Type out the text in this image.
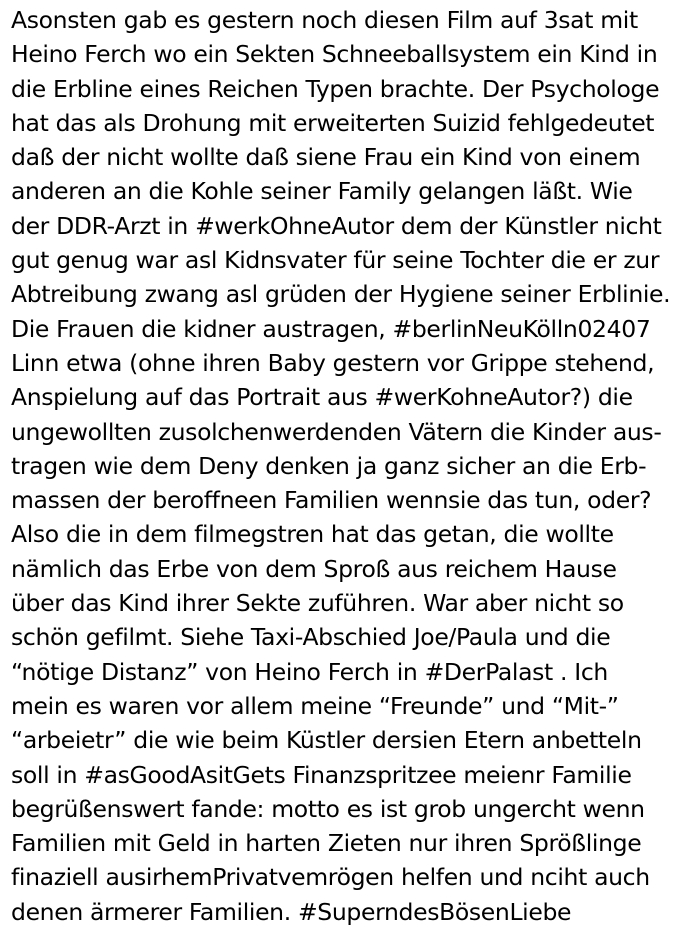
Asonsten gab es gestern noch diesen Film auf 3sat mit
Heino Ferch wo ein Sekten Schneeballsystem ein Kind in
die Erbline eines Reichen Typen brachte. Der Psychologe
hat das als Drohung mit erweiterten Suizid fehlgedeutet
daß der nicht wollte daß siene Frau ein Kind von einem
anderen an die Kohle seiner Family gelangen läßt. Wie
der DDR-Arzt in #werkOhneAutor dem der Künstler nicht
gut genug war asl Kidnsvater für seine Tochter die er zur
Abtreibung zwang asl grüden der Hygiene seiner Erblinie.
Die Frauen die kidner austragen, #berlinNeuKölln02407
Linn etwa (ohne ihren Baby gestern vor Grippe stehend,
Anspielung auf das Portrait aus #werKohneAutor?) die
ungewollten zusolchenwerdenden Vätern die Kinder aus-
tragen wie dem Deny denken ja ganz sicher an die Erb-
massen der beroffneen Familien wennsie das tun, oder?
Also die in dem filmegstren hat das getan, die wollte
nämlich das Erbe von dem Sproß aus reichem Hause
über das Kind ihrer Sekte zuführen. War aber nicht so
schön gefilmt. Siehe Taxi-Abschied Joe/Paula und die
“nötige Distanz” von Heino Ferch in #DerPalast . Ich
mein es waren vor allem meine “Freunde” und “Mit-”
“arbeietr” die wie beim Küstler dersien Etern anbetteln
soll in #asGoodAsitGets Finanzspritzee meienr Familie
begrüßenswert fande: motto es ist grob ungercht wenn
Familien mit Geld in harten Zieten nur ihren Sprößlinge
finaziell ausirhemPrivatvemrögen helfen und nciht auch
denen ärmerer Familien. #SuperndesBösenLiebe
